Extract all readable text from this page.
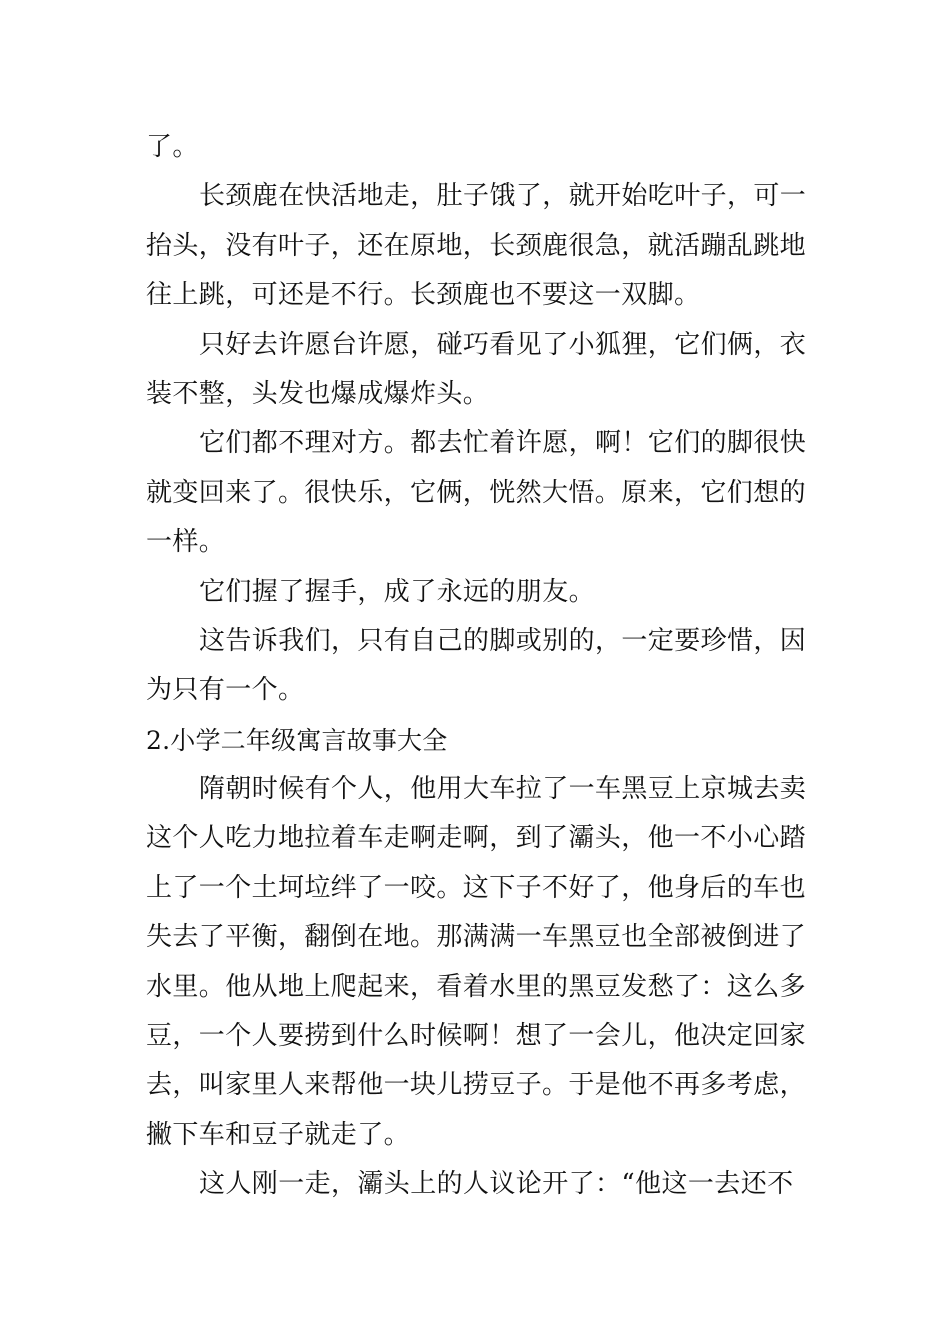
了。
长颈鹿在快活地走，肚子饿了，就开始吃叶子，可一
抬头，没有叶子，还在原地，长颈鹿很急，就活蹦乱跳地
往上跳，可还是不行。长颈鹿也不要这一双脚。
只好去许愿台许愿，碰巧看见了小狐狸，它们俩，衣
装不整，头发也爆成爆炸头。
它们都不理对方。都去忙着许愿，啊！它们的脚很快
就变回来了。很快乐，它俩，恍然大悟。原来，它们想的
一样。
它们握了握手，成了永远的朋友。
这告诉我们，只有自己的脚或别的，一定要珍惜，因
为只有一个。
2.小学二年级寓言故事大全
隋朝时候有个人，他用大车拉了一车黑豆上京城去卖
这个人吃力地拉着车走啊走啊，到了灞头，他一不小心踏
上了一个土坷垃绊了一咬。这下子不好了，他身后的车也
失去了平衡，翻倒在地。那满满一车黑豆也全部被倒进了
水里。他从地上爬起来，看着水里的黑豆发愁了：这么多
豆，一个人要捞到什么时候啊！想了一会儿，他决定回家
去，叫家里人来帮他一块儿捞豆子。于是他不再多考虑，
撇下车和豆子就走了。
这人刚一走，灞头上的人议论开了：“他这一去还不
